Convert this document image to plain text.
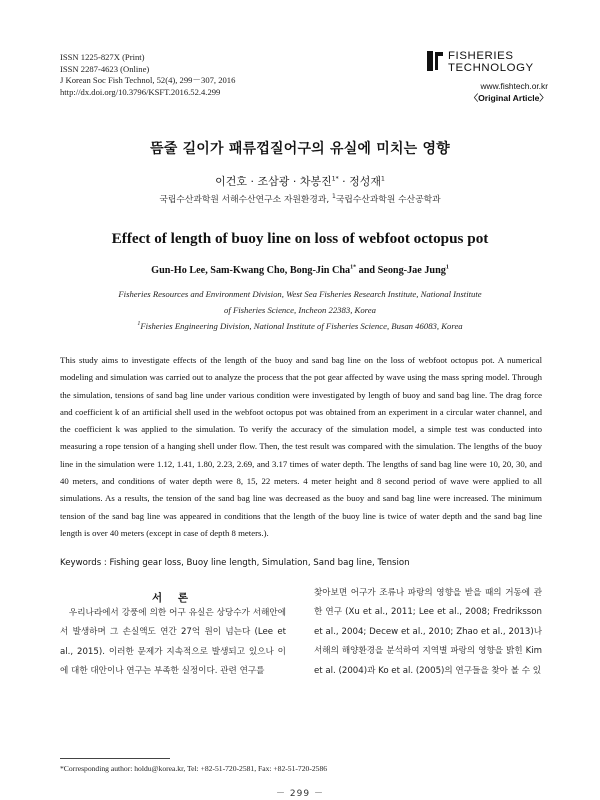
ISSN 1225-827X (Print)
ISSN 2287-4623 (Online)
J Korean Soc Fish Technol, 52(4), 299－307, 2016
http://dx.doi.org/10.3796/KSFT.2016.52.4.299
FISHERIES
TECHNOLOGY
www.fishtech.or.kr
〈Original Article〉
뜸줄 길이가 패류껍질어구의 유실에 미치는 영향
이건호 · 조삼광 · 차봉진$^{1*}$ · 정성재$^1$
국립수산과학원 서해수산연구소 자원환경과, $^1$국립수산과학원 수산공학과
Effect of length of buoy line on loss of webfoot octopus pot
Gun-Ho Lee, Sam-Kwang Cho, Bong-Jin Cha$^{1*}$ and Seong-Jae Jung$^1$
Fisheries Resources and Environment Division, West Sea Fisheries Research Institute, National Institute
of Fisheries Science, Incheon 22383, Korea
$^1$Fisheries Engineering Division, National Institute of Fisheries Science, Busan 46083, Korea
This study aims to investigate effects of the length of the buoy and sand bag line on the loss of webfoot octopus pot. A numerical modeling and simulation was carried out to analyze the process that the pot gear affected by wave using the mass spring model. Through the simulation, tensions of sand bag line under various condition were investigated by length of buoy and sand bag line. The drag force and coefficient k of an artificial shell used in the webfoot octopus pot was obtained from an experiment in a circular water channel, and the coefficient k was applied to the simulation. To verify the accuracy of the simulation model, a simple test was conducted into measuring a rope tension of a hanging shell under flow. Then, the test result was compared with the simulation. The lengths of the buoy line in the simulation were 1.12, 1.41, 1.80, 2.23, 2.69, and 3.17 times of water depth. The lengths of sand bag line were 10, 20, 30, and 40 meters, and conditions of water depth were 8, 15, 22 meters. 4 meter height and 8 second period of wave were applied to all simulations. As a results, the tension of the sand bag line was decreased as the buoy and sand bag line were increased. The minimum tension of the sand bag line was appeared in conditions that the length of the buoy line is twice of water depth and the sand bag line length is over 40 meters (except in case of depth 8 meters.).
Keywords : Fishing gear loss, Buoy line length, Simulation, Sand bag line, Tension
서 론
우리나라에서 강풍에 의한 어구 유실은 상당수가 서해안에서 발생하며 그 손실액도 연간 27억 원이 넘는다 (Lee et al., 2015). 이러한 문제가 지속적으로 발생되고 있으나 이에 대한 대안이나 연구는 부족한 실정이다. 관련 연구를
찾아보면 어구가 조류나 파랑의 영향을 받을 때의 거동에 관한 연구 (Xu et al., 2011; Lee et al., 2008; Fredriksson et al., 2004; Decew et al., 2010; Zhao et al., 2013)나 서해의 해양환경을 분석하여 지역별 파랑의 영향을 밝힌 Kim et al. (2004)과 Ko et al. (2005)의 연구들을 찾아 볼 수 있
*Corresponding author: holdu@korea.kr, Tel: +82-51-720-2581, Fax: +82-51-720-2586
－ 299 －
